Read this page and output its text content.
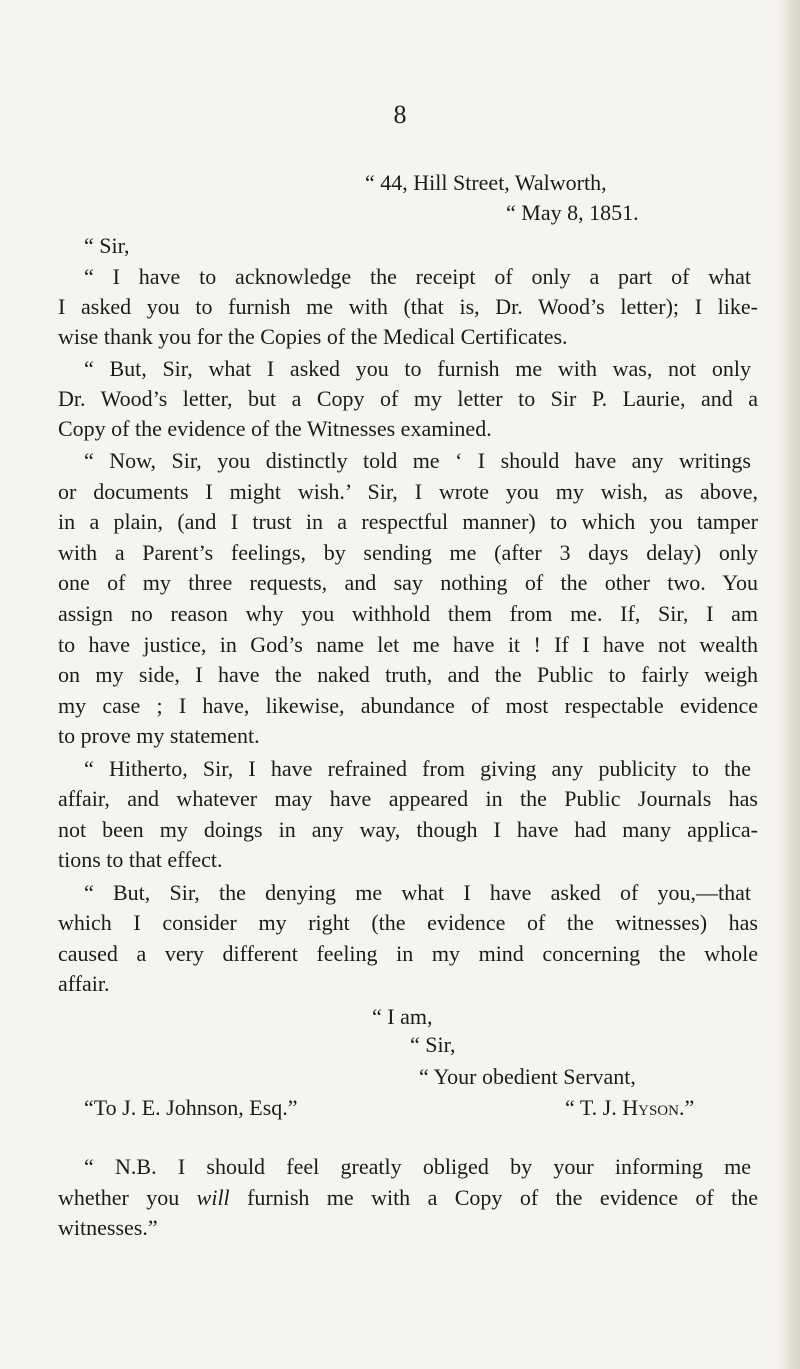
8
“ 44, Hill Street, Walworth,
“ May 8, 1851.
“ Sir,
“ I have to acknowledge the receipt of only a part of what
I asked you to furnish me with (that is, Dr. Wood’s letter); I like-
wise thank you for the Copies of the Medical Certificates.
“ But, Sir, what I asked you to furnish me with was, not only
Dr. Wood’s letter, but a Copy of my letter to Sir P. Laurie, and a
Copy of the evidence of the Witnesses examined.
“ Now, Sir, you distinctly told me ‘ I should have any writings
or documents I might wish.’ Sir, I wrote you my wish, as above,
in a plain, (and I trust in a respectful manner) to which you tamper
with a Parent’s feelings, by sending me (after 3 days delay) only
one of my three requests, and say nothing of the other two. You
assign no reason why you withhold them from me. If, Sir, I am
to have justice, in God’s name let me have it ! If I have not wealth
on my side, I have the naked truth, and the Public to fairly weigh
my case ; I have, likewise, abundance of most respectable evidence
to prove my statement.
“ Hitherto, Sir, I have refrained from giving any publicity to the
affair, and whatever may have appeared in the Public Journals has
not been my doings in any way, though I have had many applica-
tions to that effect.
“ But, Sir, the denying me what I have asked of you,—that
which I consider my right (the evidence of the witnesses) has
caused a very different feeling in my mind concerning the whole
affair.
“ I am,
“ Sir,
“ Your obedient Servant,
“To J. E. Johnson, Esq.”	“ T. J. Hyson.”
“ N.B. I should feel greatly obliged by your informing me
whether you will furnish me with a Copy of the evidence of the
witnesses.”
